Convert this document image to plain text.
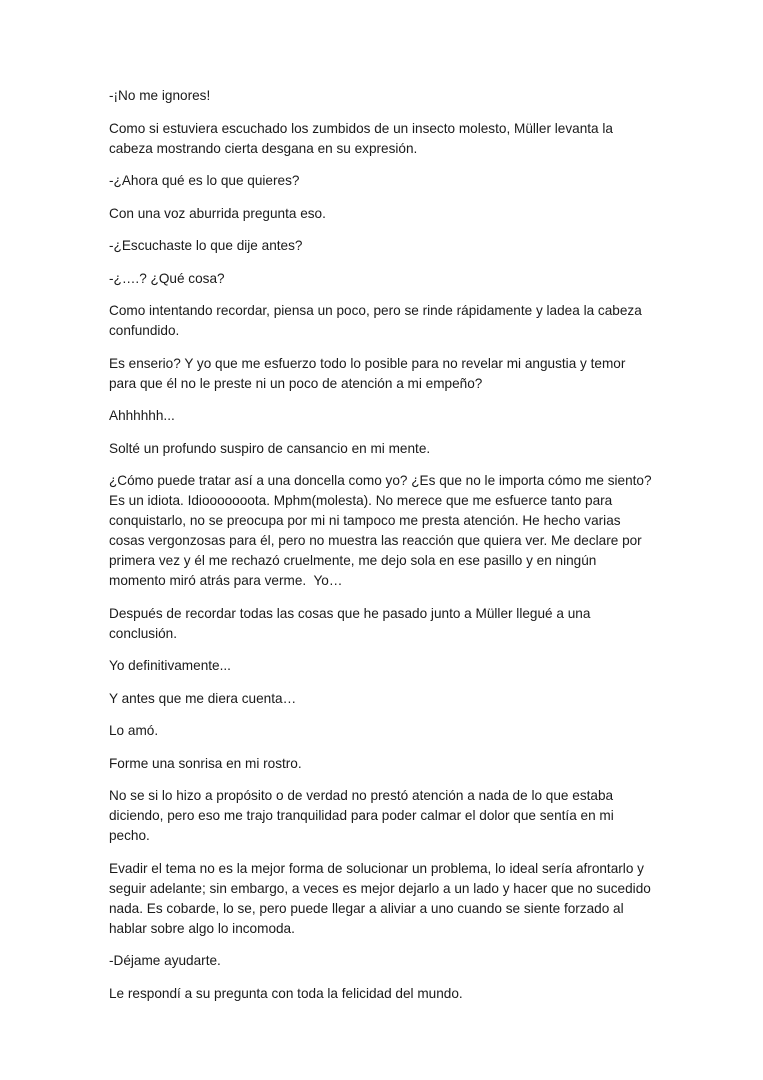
-¡No me ignores!

Como si estuviera escuchado los zumbidos de un insecto molesto, Müller levanta la cabeza mostrando cierta desgana en su expresión.

-¿Ahora qué es lo que quieres?

Con una voz aburrida pregunta eso.

-¿Escuchaste lo que dije antes?

-¿….? ¿Qué cosa?

Como intentando recordar, piensa un poco, pero se rinde rápidamente y ladea la cabeza confundido.

Es enserio? Y yo que me esfuerzo todo lo posible para no revelar mi angustia y temor para que él no le preste ni un poco de atención a mi empeño?

Ahhhhhh...

Solté un profundo suspiro de cansancio en mi mente.

¿Cómo puede tratar así a una doncella como yo? ¿Es que no le importa cómo me siento? Es un idiota. Idiooooooota. Mphm(molesta). No merece que me esfuerce tanto para conquistarlo, no se preocupa por mi ni tampoco me presta atención. He hecho varias cosas vergonzosas para él, pero no muestra las reacción que quiera ver. Me declare por primera vez y él me rechazó cruelmente, me dejo sola en ese pasillo y en ningún momento miró atrás para verme.  Yo…

Después de recordar todas las cosas que he pasado junto a Müller llegué a una conclusión.

Yo definitivamente...

Y antes que me diera cuenta…

Lo amó.

Forme una sonrisa en mi rostro.

No se si lo hizo a propósito o de verdad no prestó atención a nada de lo que estaba diciendo, pero eso me trajo tranquilidad para poder calmar el dolor que sentía en mi pecho.

Evadir el tema no es la mejor forma de solucionar un problema, lo ideal sería afrontarlo y seguir adelante; sin embargo, a veces es mejor dejarlo a un lado y hacer que no sucedido nada. Es cobarde, lo se, pero puede llegar a aliviar a uno cuando se siente forzado al hablar sobre algo lo incomoda.

-Déjame ayudarte.

Le respondí a su pregunta con toda la felicidad del mundo.
